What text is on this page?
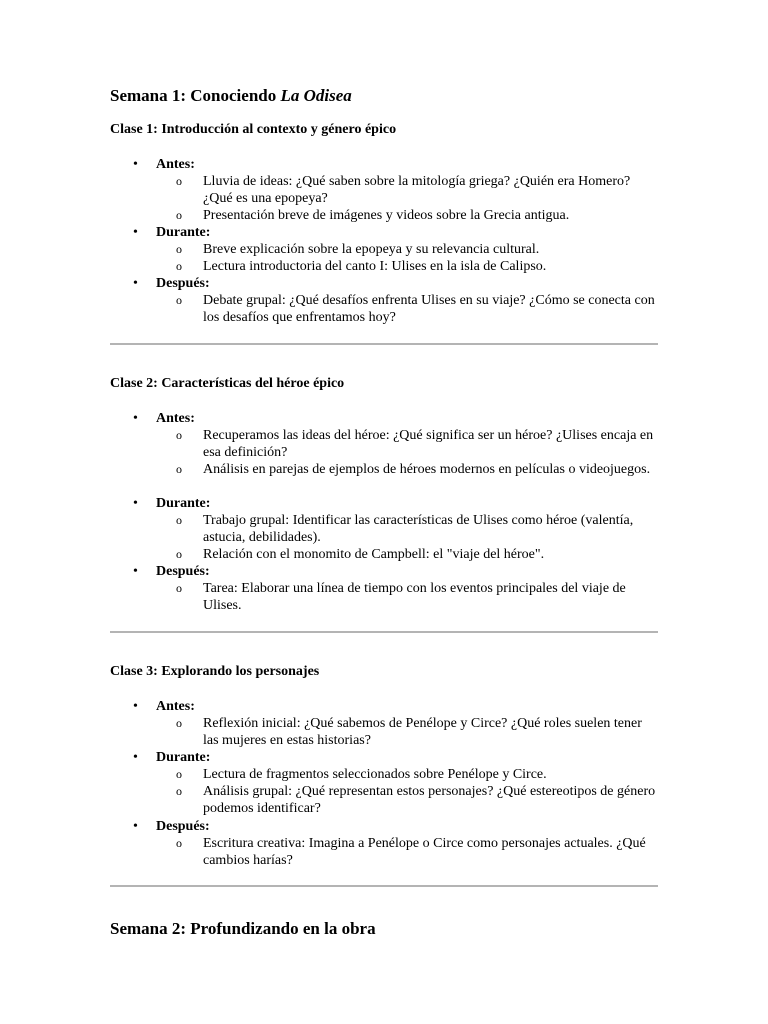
Semana 1: Conociendo La Odisea
Clase 1: Introducción al contexto y género épico
• Antes:
o	Lluvia de ideas: ¿Qué saben sobre la mitología griega? ¿Quién era Homero? ¿Qué es una epopeya?
o	Presentación breve de imágenes y videos sobre la Grecia antigua.
• Durante:
o	Breve explicación sobre la epopeya y su relevancia cultural.
o	Lectura introductoria del canto I: Ulises en la isla de Calipso.
• Después:
o	Debate grupal: ¿Qué desafíos enfrenta Ulises en su viaje? ¿Cómo se conecta con los desafíos que enfrentamos hoy?
Clase 2: Características del héroe épico
• Antes:
o	Recuperamos las ideas del héroe: ¿Qué significa ser un héroe? ¿Ulises encaja en esa definición?
o	Análisis en parejas de ejemplos de héroes modernos en películas o videojuegos.
• Durante:
o	Trabajo grupal: Identificar las características de Ulises como héroe (valentía, astucia, debilidades).
o	Relación con el monomito de Campbell: el "viaje del héroe".
• Después:
o	Tarea: Elaborar una línea de tiempo con los eventos principales del viaje de Ulises.
Clase 3: Explorando los personajes
• Antes:
o	Reflexión inicial: ¿Qué sabemos de Penélope y Circe? ¿Qué roles suelen tener las mujeres en estas historias?
• Durante:
o	Lectura de fragmentos seleccionados sobre Penélope y Circe.
o	Análisis grupal: ¿Qué representan estos personajes? ¿Qué estereotipos de género podemos identificar?
• Después:
o	Escritura creativa: Imagina a Penélope o Circe como personajes actuales. ¿Qué cambios harías?
Semana 2: Profundizando en la obra
